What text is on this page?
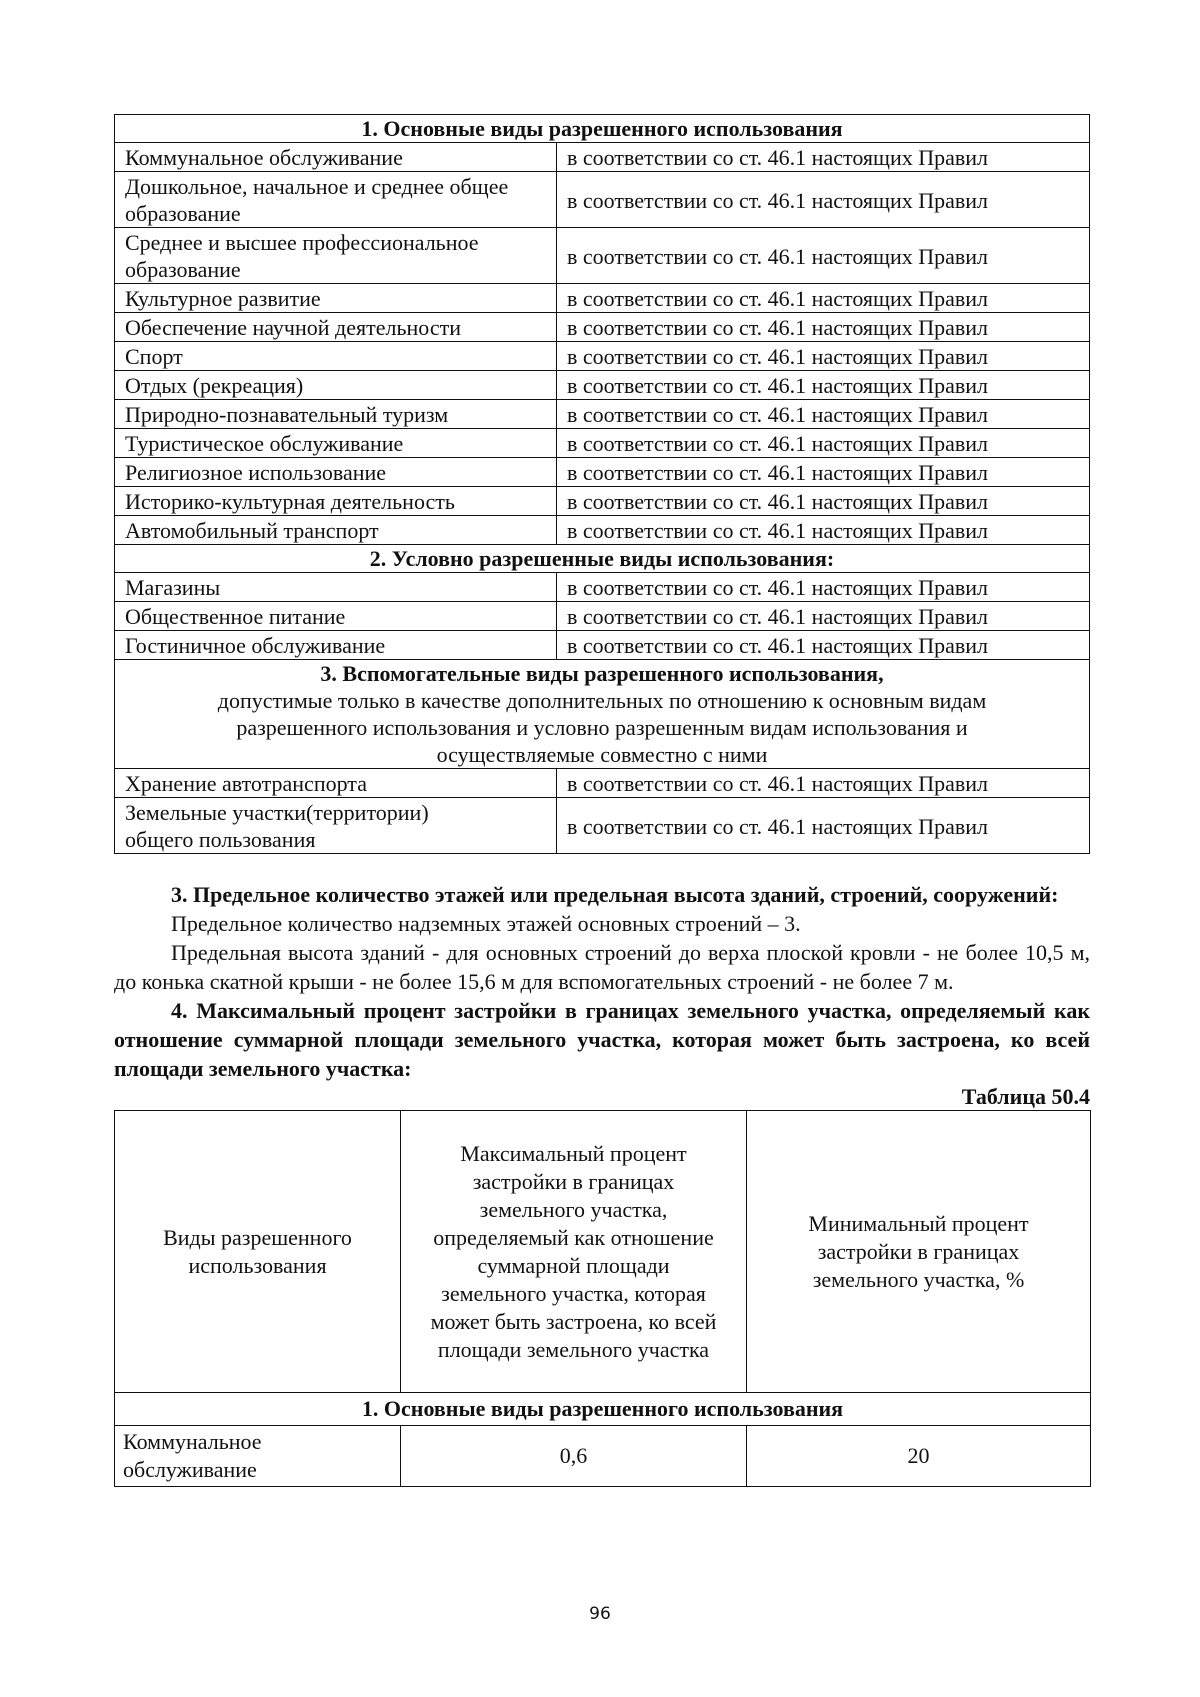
1. Основные виды разрешенного использования	
Коммунальное обслуживание	в соответствии со ст. 46.1 настоящих Правил
Дошкольное, начальное и среднее общее образование	в соответствии со ст. 46.1 настоящих Правил
Среднее и высшее профессиональное образование	в соответствии со ст. 46.1 настоящих Правил
Культурное развитие	в соответствии со ст. 46.1 настоящих Правил
Обеспечение научной деятельности	в соответствии со ст. 46.1 настоящих Правил
Спорт	в соответствии со ст. 46.1 настоящих Правил
Отдых (рекреация)	в соответствии со ст. 46.1 настоящих Правил
Природно-познавательный туризм	в соответствии со ст. 46.1 настоящих Правил
Туристическое обслуживание	в соответствии со ст. 46.1 настоящих Правил
Религиозное использование	в соответствии со ст. 46.1 настоящих Правил
Историко-культурная деятельность	в соответствии со ст. 46.1 настоящих Правил
Автомобильный транспорт	в соответствии со ст. 46.1 настоящих Правил
2. Условно разрешенные виды использования:	
Магазины	в соответствии со ст. 46.1 настоящих Правил
Общественное питание	в соответствии со ст. 46.1 настоящих Правил
Гостиничное обслуживание	в соответствии со ст. 46.1 настоящих Правил

3. Вспомогательные виды разрешенного использования,
допустимые только в качестве дополнительных по отношению к основным видам разрешенного использования и условно разрешенным видам использования и осуществляемые совместно с ними	

Хранение автотранспорта	в соответствии со ст. 46.1 настоящих Правил
Земельные участки(территории) общего пользования	в соответствии со ст. 46.1 настоящих Правил

3. Предельное количество этажей или предельная высота зданий, строений, сооружений:

Предельное количество надземных этажей основных строений – 3.

Предельная высота зданий - для основных строений до верха плоской кровли - не более 10,5 м, до конька скатной крыши - не более 15,6 м для вспомогательных строений - не более 7 м.

4. Максимальный процент застройки в границах земельного участка, определяемый как отношение суммарной площади земельного участка, которая может быть застроена, ко всей площади земельного участка:

Таблица 50.4

Виды разрешенного использования	Максимальный процент застройки в границах земельного участка, определяемый как отношение суммарной площади земельного участка, которая может быть застроена, ко всей площади земельного участка	Минимальный процент застройки в границах земельного участка, %
1. Основные виды разрешенного использования		
Коммунальное обслуживание	0,6	20
96
